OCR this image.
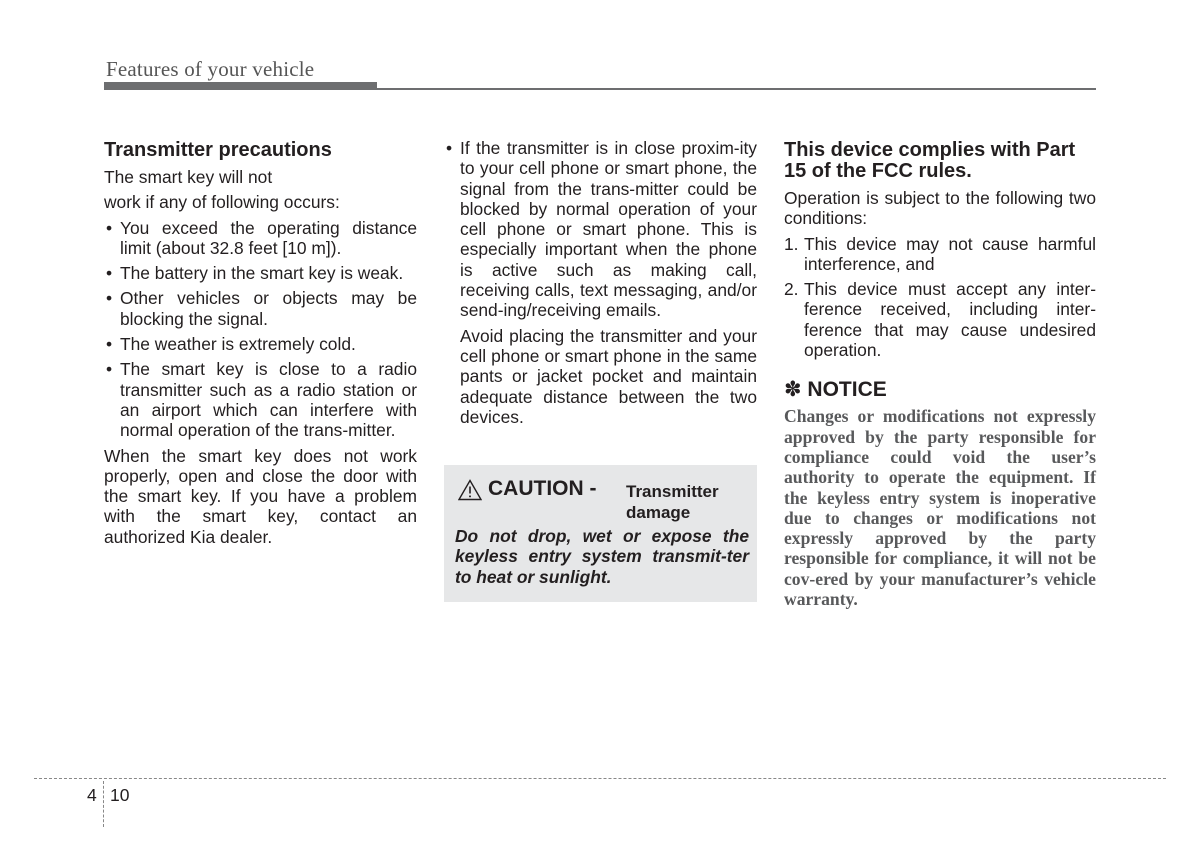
Features of your vehicle
Transmitter precautions

The smart key will not

work if any of following occurs:

• You exceed the operating distance limit (about 32.8 feet [10 m]).
• The battery in the smart key is weak.
• Other vehicles or objects may be blocking the signal.
• The weather is extremely cold.
• The smart key is close to a radio transmitter such as a radio station or an airport which can interfere with normal operation of the trans-mitter.

When the smart key does not work properly, open and close the door with the smart key. If you have a problem with the smart key, contact an authorized Kia dealer.

• If the transmitter is in close proxim-ity to your cell phone or smart phone, the signal from the trans-mitter could be blocked by normal operation of your cell phone or smart phone. This is especially important when the phone is active such as making call, receiving calls, text messaging, and/or send-ing/receiving emails.

Avoid placing the transmitter and your cell phone or smart phone in the same pants or jacket pocket and maintain adequate distance between the two devices.

CAUTION - Transmitter damage
Do not drop, wet or expose the keyless entry system transmit-ter to heat or sunlight.
This device complies with Part 15 of the FCC rules.

Operation is subject to the following two conditions:

1. This device may not cause harmful interference, and
2. This device must accept any inter-ference received, including inter-ference that may cause undesired operation.
✽ NOTICE

Changes or modifications not expressly approved by the party responsible for compliance could void the user’s authority to operate the equipment. If the keyless entry system is inoperative due to changes or modifications not expressly approved by the party responsible for compliance, it will not be cov-ered by your manufacturer’s vehicle warranty.

4 10
